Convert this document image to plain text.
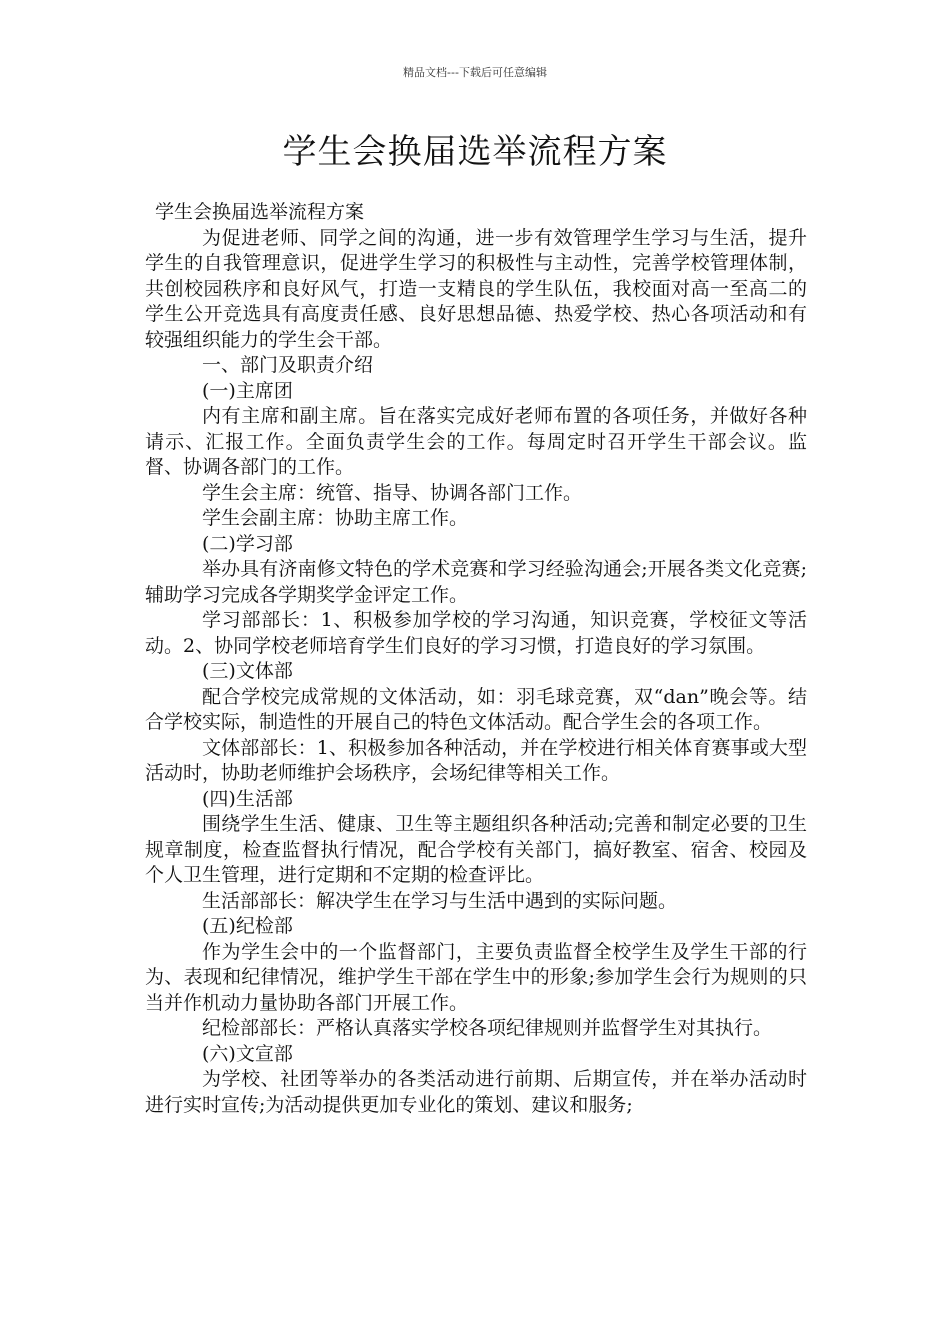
精品文档---下载后可任意编辑
学生会换届选举流程方案

学生会换届选举流程方案

为促进老师、同学之间的沟通，进一步有效管理学生学习与生活，提升学生的自我管理意识，促进学生学习的积极性与主动性，完善学校管理体制，共创校园秩序和良好风气，打造一支精良的学生队伍，我校面对高一至高二的学生公开竞选具有高度责任感、良好思想品德、热爱学校、热心各项活动和有较强组织能力的学生会干部。

一、部门及职责介绍

(一)主席团

内有主席和副主席。旨在落实完成好老师布置的各项任务，并做好各种请示、汇报工作。全面负责学生会的工作。每周定时召开学生干部会议。监督、协调各部门的工作。

学生会主席：统管、指导、协调各部门工作。

学生会副主席：协助主席工作。

(二)学习部

举办具有济南修文特色的学术竞赛和学习经验沟通会;开展各类文化竞赛;辅助学习完成各学期奖学金评定工作。

学习部部长：1、积极参加学校的学习沟通，知识竞赛，学校征文等活动。2、协同学校老师培育学生们良好的学习习惯，打造良好的学习氛围。

(三)文体部

配合学校完成常规的文体活动，如：羽毛球竞赛，双“dan”晚会等。结合学校实际，制造性的开展自己的特色文体活动。配合学生会的各项工作。

文体部部长：1、积极参加各种活动，并在学校进行相关体育赛事或大型活动时，协助老师维护会场秩序，会场纪律等相关工作。

(四)生活部

围绕学生生活、健康、卫生等主题组织各种活动;完善和制定必要的卫生规章制度，检查监督执行情况，配合学校有关部门，搞好教室、宿舍、校园及个人卫生管理，进行定期和不定期的检查评比。

生活部部长：解决学生在学习与生活中遇到的实际问题。

(五)纪检部

作为学生会中的一个监督部门，主要负责监督全校学生及学生干部的行为、表现和纪律情况，维护学生干部在学生中的形象;参加学生会行为规则的只当并作机动力量协助各部门开展工作。

纪检部部长：严格认真落实学校各项纪律规则并监督学生对其执行。

(六)文宣部

为学校、社团等举办的各类活动进行前期、后期宣传，并在举办活动时进行实时宣传;为活动提供更加专业化的策划、建议和服务;
